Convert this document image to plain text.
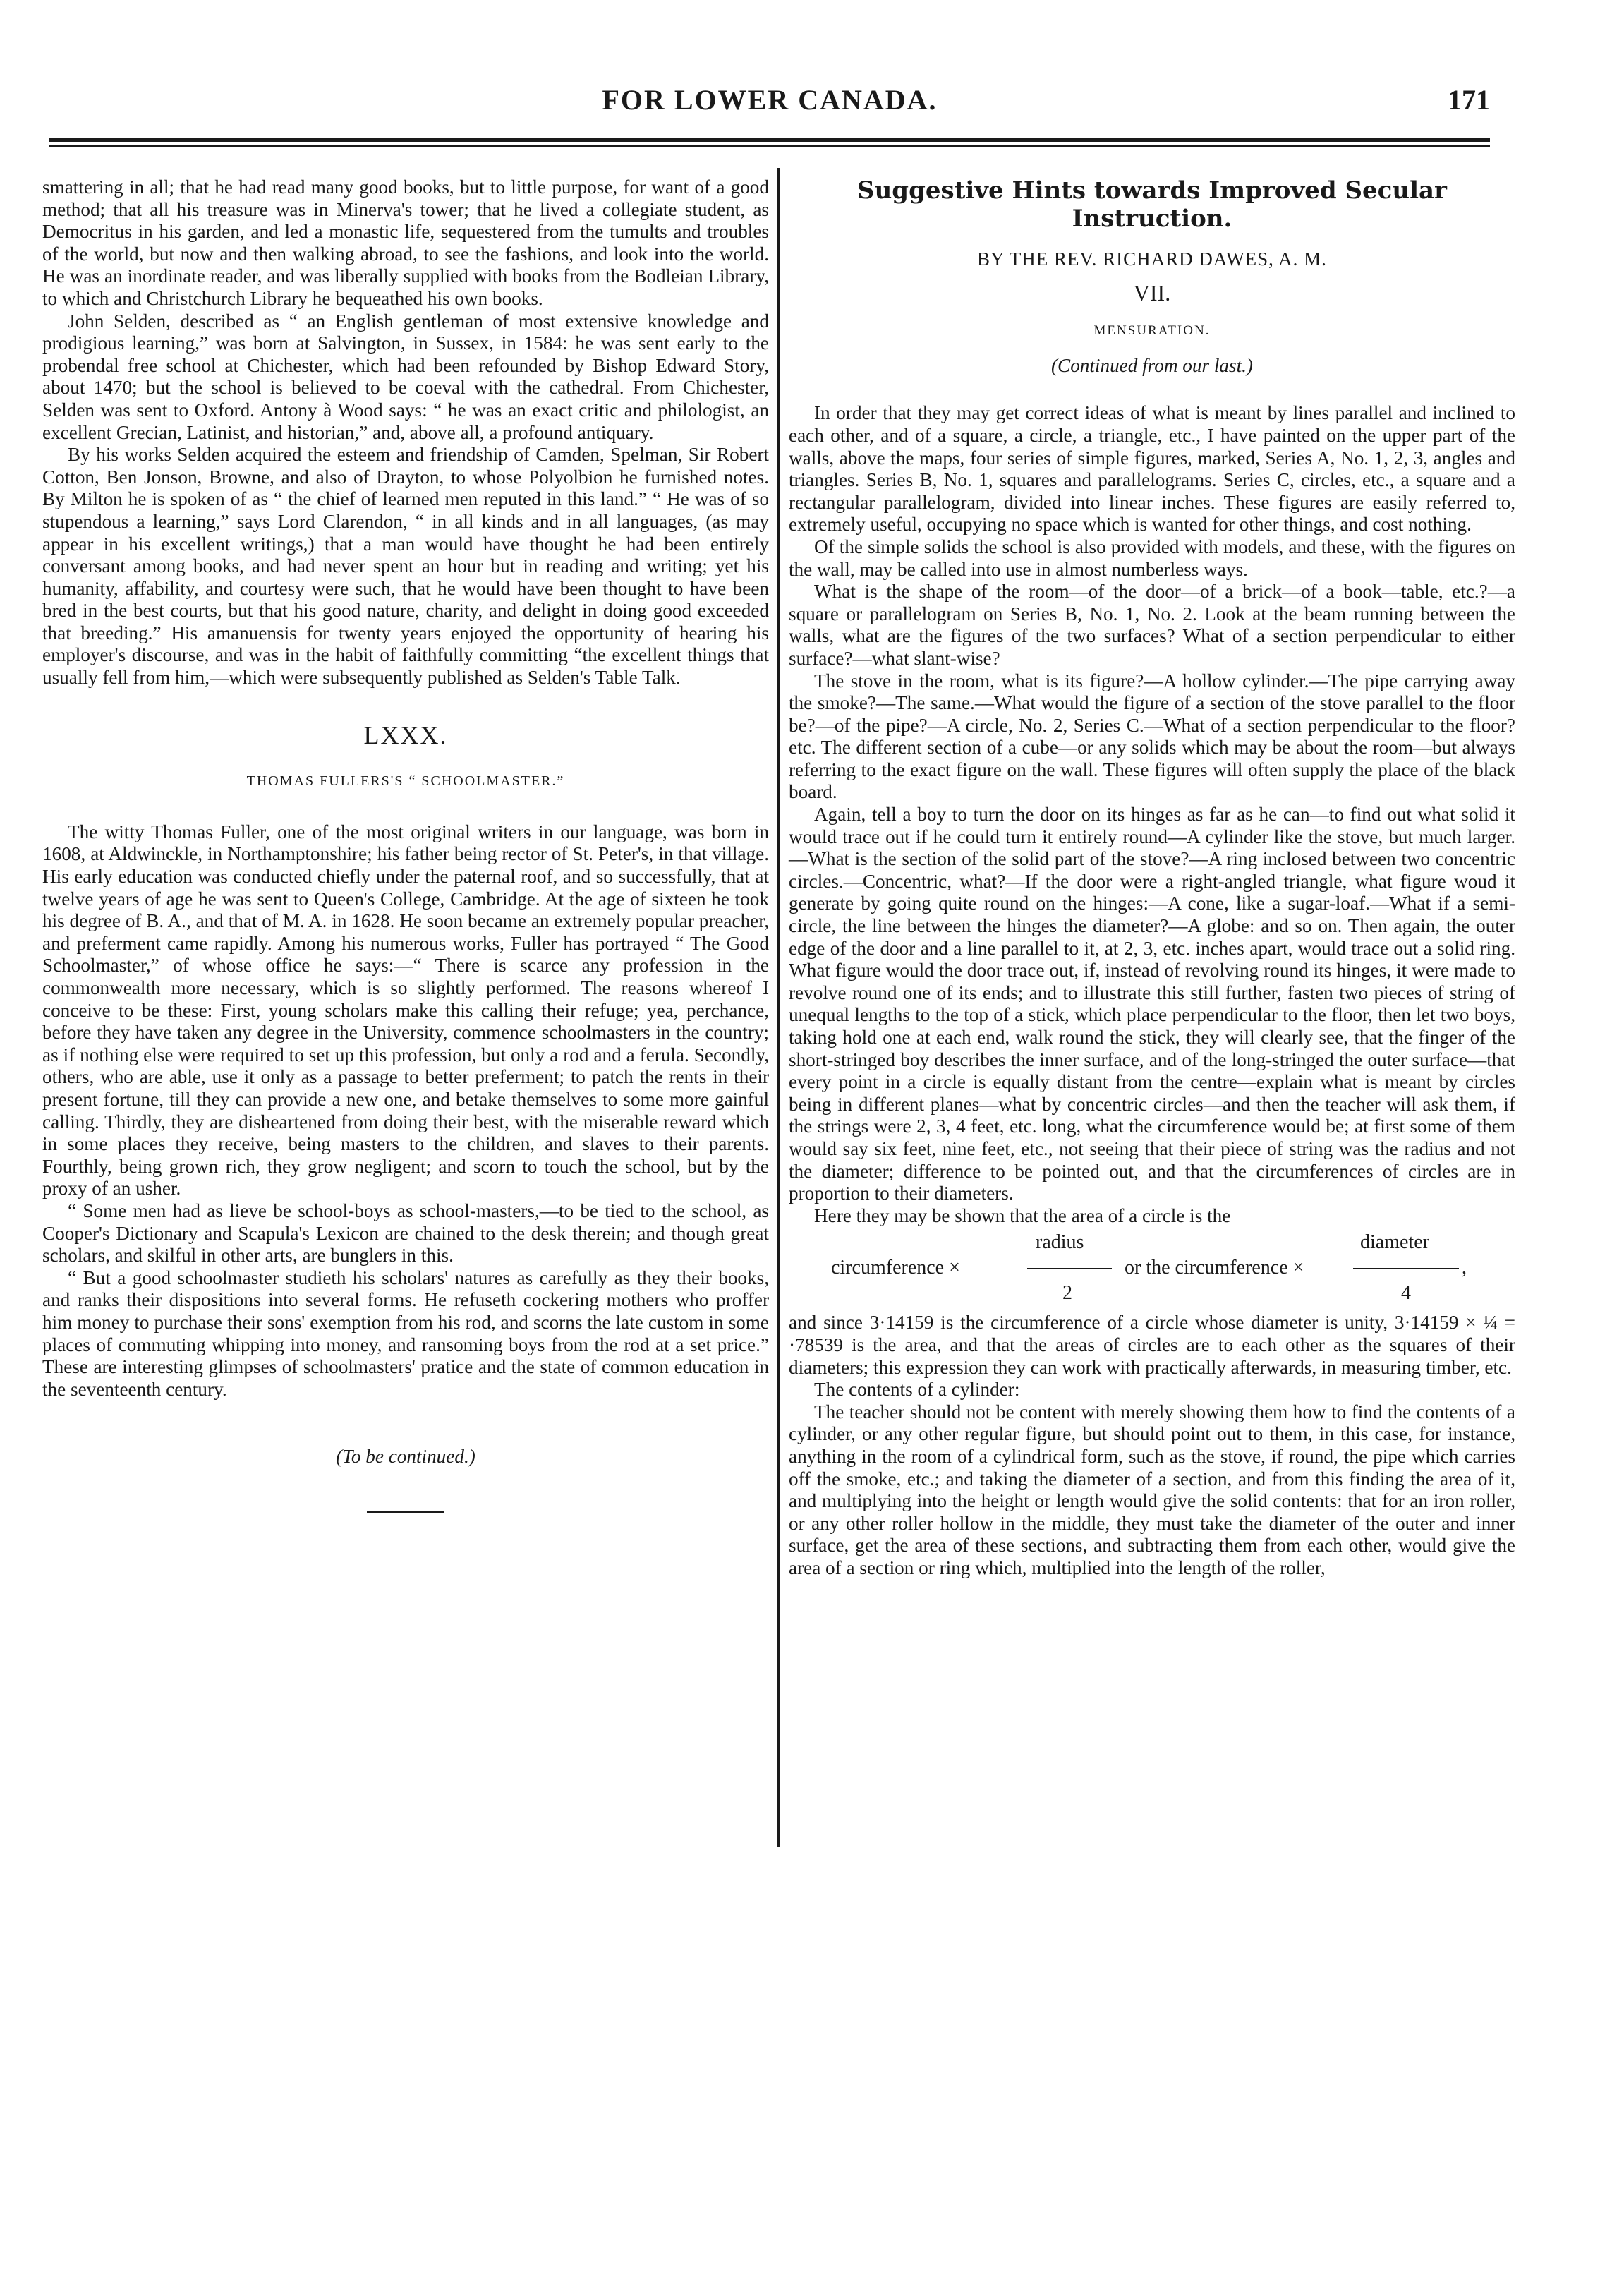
FOR LOWER CANADA.	171

smattering in all; that he had read many good books, but to little purpose, for want of a good method; that all his treasure was in Minerva's tower; that he lived a collegiate student, as Democritus in his garden, and led a monastic life, sequestered from the tumults and troubles of the world, but now and then walking abroad, to see the fashions, and look into the world. He was an inordinate reader, and was liberally supplied with books from the Bodleian Library, to which and Christchurch Library he bequeathed his own books.

John Selden, described as “ an English gentleman of most extensive knowledge and prodigious learning,” was born at Salvington, in Sussex, in 1584: he was sent early to the probendal free school at Chichester, which had been refounded by Bishop Edward Story, about 1470; but the school is believed to be coeval with the cathedral. From Chichester, Selden was sent to Oxford. Antony à Wood says: “ he was an exact critic and philologist, an excellent Grecian, Latinist, and historian,” and, above all, a profound antiquary.

By his works Selden acquired the esteem and friendship of Camden, Spelman, Sir Robert Cotton, Ben Jonson, Browne, and also of Drayton, to whose Polyolbion he furnished notes. By Milton he is spoken of as “ the chief of learned men reputed in this land.” “ He was of so stupendous a learning,” says Lord Clarendon, “ in all kinds and in all languages, (as may appear in his excellent writings,) that a man would have thought he had been entirely conversant among books, and had never spent an hour but in reading and writing; yet his humanity, affability, and courtesy were such, that he would have been thought to have been bred in the best courts, but that his good nature, charity, and delight in doing good exceeded that breeding.” His amanuensis for twenty years enjoyed the opportunity of hearing his employer's discourse, and was in the habit of faithfully committing “the excellent things that usually fell from him,—which were subsequently published as Selden's Table Talk.

LXXX.
THOMAS FULLERS'S “ SCHOOLMASTER.”

The witty Thomas Fuller, one of the most original writers in our language, was born in 1608, at Aldwinckle, in Northamptonshire; his father being rector of St. Peter's, in that village. His early education was conducted chiefly under the paternal roof, and so successfully, that at twelve years of age he was sent to Queen's College, Cambridge. At the age of sixteen he took his degree of B. A., and that of M. A. in 1628. He soon became an extremely popular preacher, and preferment came rapidly. Among his numerous works, Fuller has portrayed “ The Good Schoolmaster,” of whose office he says:—“ There is scarce any profession in the commonwealth more necessary, which is so slightly performed. The reasons whereof I conceive to be these: First, young scholars make this calling their refuge; yea, perchance, before they have taken any degree in the University, commence schoolmasters in the country; as if nothing else were required to set up this profession, but only a rod and a ferula. Secondly, others, who are able, use it only as a passage to better preferment; to patch the rents in their present fortune, till they can provide a new one, and betake themselves to some more gainful calling. Thirdly, they are disheartened from doing their best, with the miserable reward which in some places they receive, being masters to the children, and slaves to their parents. Fourthly, being grown rich, they grow negligent; and scorn to touch the school, but by the proxy of an usher.

“ Some men had as lieve be school-boys as school-masters,—to be tied to the school, as Cooper's Dictionary and Scapula's Lexicon are chained to the desk therein; and though great scholars, and skilful in other arts, are bunglers in this.

“ But a good schoolmaster studieth his scholars' natures as carefully as they their books, and ranks their dispositions into several forms. He refuseth cockering mothers who proffer him money to purchase their sons' exemption from his rod, and scorns the late custom in some places of commuting whipping into money, and ransoming boys from the rod at a set price.” These are interesting glimpses of schoolmasters' pratice and the state of common education in the seventeenth century.

(To be continued.)
Suggestive Hints towards Improved Secular Instruction.
BY THE REV. RICHARD DAWES, A. M.
VII.
MENSURATION.
(Continued from our last.)

In order that they may get correct ideas of what is meant by lines parallel and inclined to each other, and of a square, a circle, a triangle, etc., I have painted on the upper part of the walls, above the maps, four series of simple figures, marked, Series A, No. 1, 2, 3, angles and triangles. Series B, No. 1, squares and parallelograms. Series C, circles, etc., a square and a rectangular parallelogram, divided into linear inches. These figures are easily referred to, extremely useful, occupying no space which is wanted for other things, and cost nothing.

Of the simple solids the school is also provided with models, and these, with the figures on the wall, may be called into use in almost numberless ways.

What is the shape of the room—of the door—of a brick—of a book—table, etc.?—a square or parallelogram on Series B, No. 1, No. 2. Look at the beam running between the walls, what are the figures of the two surfaces? What of a section perpendicular to either surface?—what slant-wise?

The stove in the room, what is its figure?—A hollow cylinder.—The pipe carrying away the smoke?—The same.—What would the figure of a section of the stove parallel to the floor be?—of the pipe?—A circle, No. 2, Series C.—What of a section perpendicular to the floor? etc. The different section of a cube—or any solids which may be about the room—but always referring to the exact figure on the wall. These figures will often supply the place of the black board.

Again, tell a boy to turn the door on its hinges as far as he can—to find out what solid it would trace out if he could turn it entirely round—A cylinder like the stove, but much larger.—What is the section of the solid part of the stove?—A ring inclosed between two concentric circles.—Concentric, what?—If the door were a right-angled triangle, what figure woud it generate by going quite round on the hinges:—A cone, like a sugar-loaf.—What if a semi-circle, the line between the hinges the diameter?—A globe: and so on. Then again, the outer edge of the door and a line parallel to it, at 2, 3, etc. inches apart, would trace out a solid ring. What figure would the door trace out, if, instead of revolving round its hinges, it were made to revolve round one of its ends; and to illustrate this still further, fasten two pieces of string of unequal lengths to the top of a stick, which place perpendicular to the floor, then let two boys, taking hold one at each end, walk round the stick, they will clearly see, that the finger of the short-stringed boy describes the inner surface, and of the long-stringed the outer surface—that every point in a circle is equally distant from the centre—explain what is meant by circles being in different planes—what by concentric circles—and then the teacher will ask them, if the strings were 2, 3, 4 feet, etc. long, what the circumference would be; at first some of them would say six feet, nine feet, etc., not seeing that their piece of string was the radius and not the diameter; difference to be pointed out, and that the circumferences of circles are in proportion to their diameters.

Here they may be shown that the area of a circle is the

circumference ×
radius
2
or the circumference ×
diameter
4
,

and since 3·14159 is the circumference of a circle whose diameter is unity, 3·14159 × ¼ = ·78539 is the area, and that the areas of circles are to each other as the squares of their diameters; this expression they can work with practically afterwards, in measuring timber, etc.

The contents of a cylinder:

The teacher should not be content with merely showing them how to find the contents of a cylinder, or any other regular figure, but should point out to them, in this case, for instance, anything in the room of a cylindrical form, such as the stove, if round, the pipe which carries off the smoke, etc.; and taking the diameter of a section, and from this finding the area of it, and multiplying into the height or length would give the solid contents: that for an iron roller, or any other roller hollow in the middle, they must take the diameter of the outer and inner surface, get the area of these sections, and subtracting them from each other, would give the area of a section or ring which, multiplied into the length of the roller,
